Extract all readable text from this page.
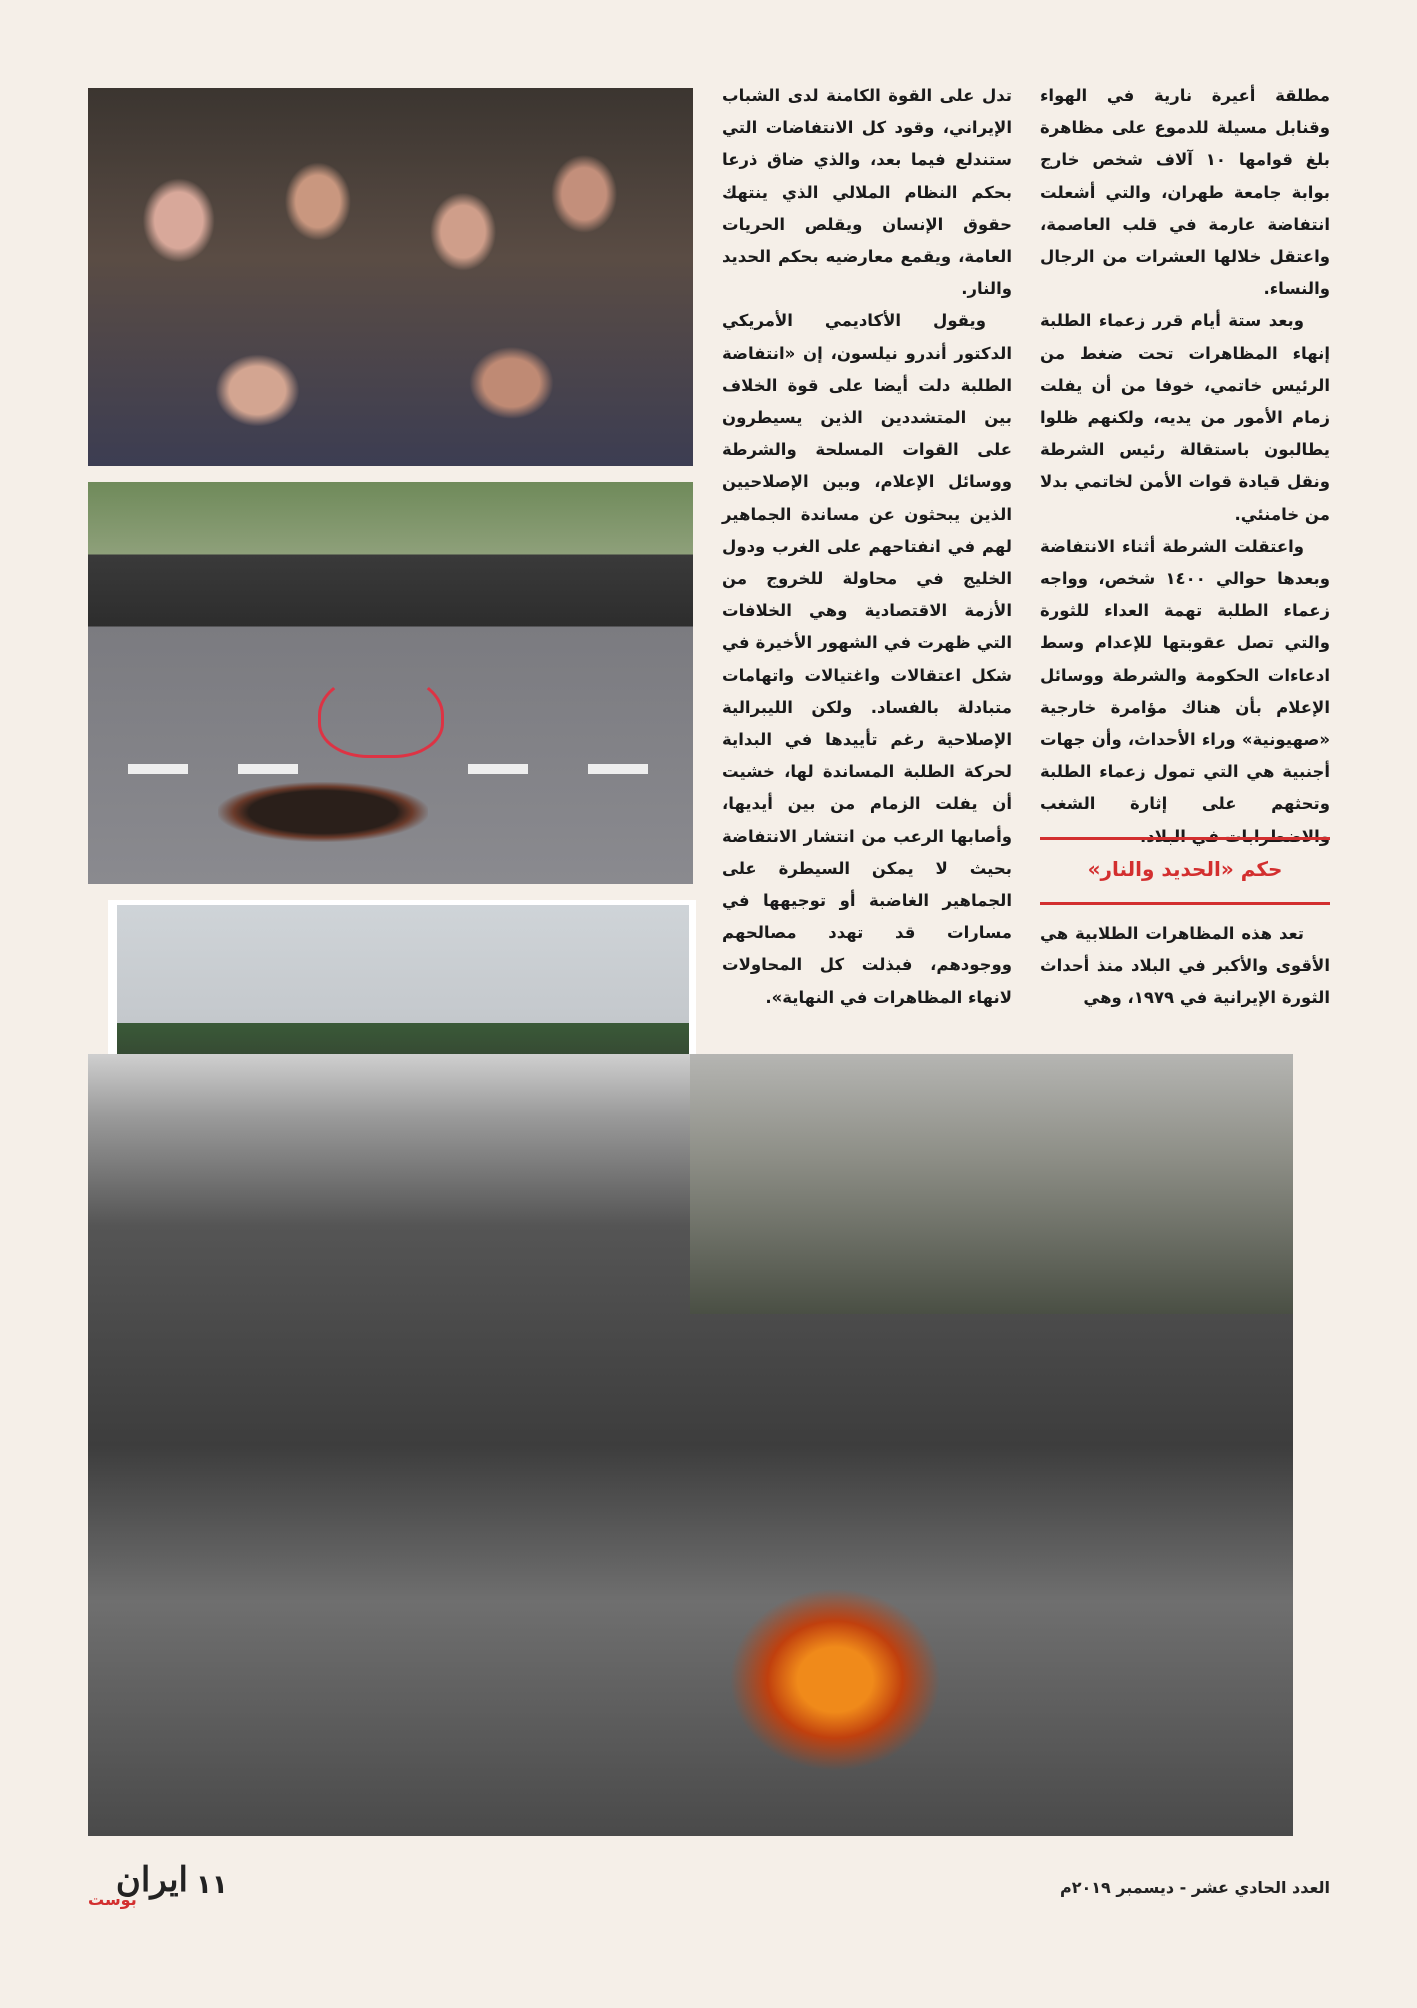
مطلقة أعيرة نارية في الهواء وقنابل مسيلة للدموع على مظاهرة بلغ قوامها ١٠ آلاف شخص خارج بوابة جامعة طهران، والتي أشعلت انتفاضة عارمة في قلب العاصمة، واعتقل خلالها العشرات من الرجال والنساء.

وبعد ستة أيام قرر زعماء الطلبة إنهاء المظاهرات تحت ضغط من الرئيس خاتمي، خوفا من أن يفلت زمام الأمور من يديه، ولكنهم ظلوا يطالبون باستقالة رئيس الشرطة ونقل قيادة قوات الأمن لخاتمي بدلا من خامنئي.

واعتقلت الشرطة أثناء الانتفاضة وبعدها حوالي ١٤٠٠ شخص، وواجه زعماء الطلبة تهمة العداء للثورة والتي تصل عقوبتها للإعدام وسط ادعاءات الحكومة والشرطة ووسائل الإعلام بأن هناك مؤامرة خارجية «صهيونية» وراء الأحداث، وأن جهات أجنبية هي التي تمول زعماء الطلبة وتحثهم على إثارة الشغب والاضطرابات في البلاد.

حكم «الحديد والنار»

تعد هذه المظاهرات الطلابية هي الأقوى والأكبر في البلاد منذ أحداث الثورة الإيرانية في ١٩٧٩، وهي

تدل على القوة الكامنة لدى الشباب الإيراني، وقود كل الانتفاضات التي ستندلع فيما بعد، والذي ضاق ذرعا بحكم النظام الملالي الذي ينتهك حقوق الإنسان ويقلص الحريات العامة، ويقمع معارضيه بحكم الحديد والنار.

ويقول الأكاديمي الأمريكي الدكتور أندرو نيلسون، إن «انتفاضة الطلبة دلت أيضا على قوة الخلاف بين المتشددين الذين يسيطرون على القوات المسلحة والشرطة ووسائل الإعلام، وبين الإصلاحيين الذين يبحثون عن مساندة الجماهير لهم في انفتاحهم على الغرب ودول الخليج في محاولة للخروج من الأزمة الاقتصادية وهي الخلافات التي ظهرت في الشهور الأخيرة في شكل اعتقالات واغتيالات واتهامات متبادلة بالفساد. ولكن الليبرالية الإصلاحية رغم تأييدها في البداية لحركة الطلبة المساندة لها، خشيت أن يفلت الزمام من بين أيديها، وأصابها الرعب من انتشار الانتفاضة بحيث لا يمكن السيطرة على الجماهير الغاضبة أو توجيهها في مسارات قد تهدد مصالحهم ووجودهم، فبذلت كل المحاولات لانهاء المظاهرات في النهاية».

العدد الحادي عشر - ديسمبر ٢٠١٩م
١١
ايران
بوست
